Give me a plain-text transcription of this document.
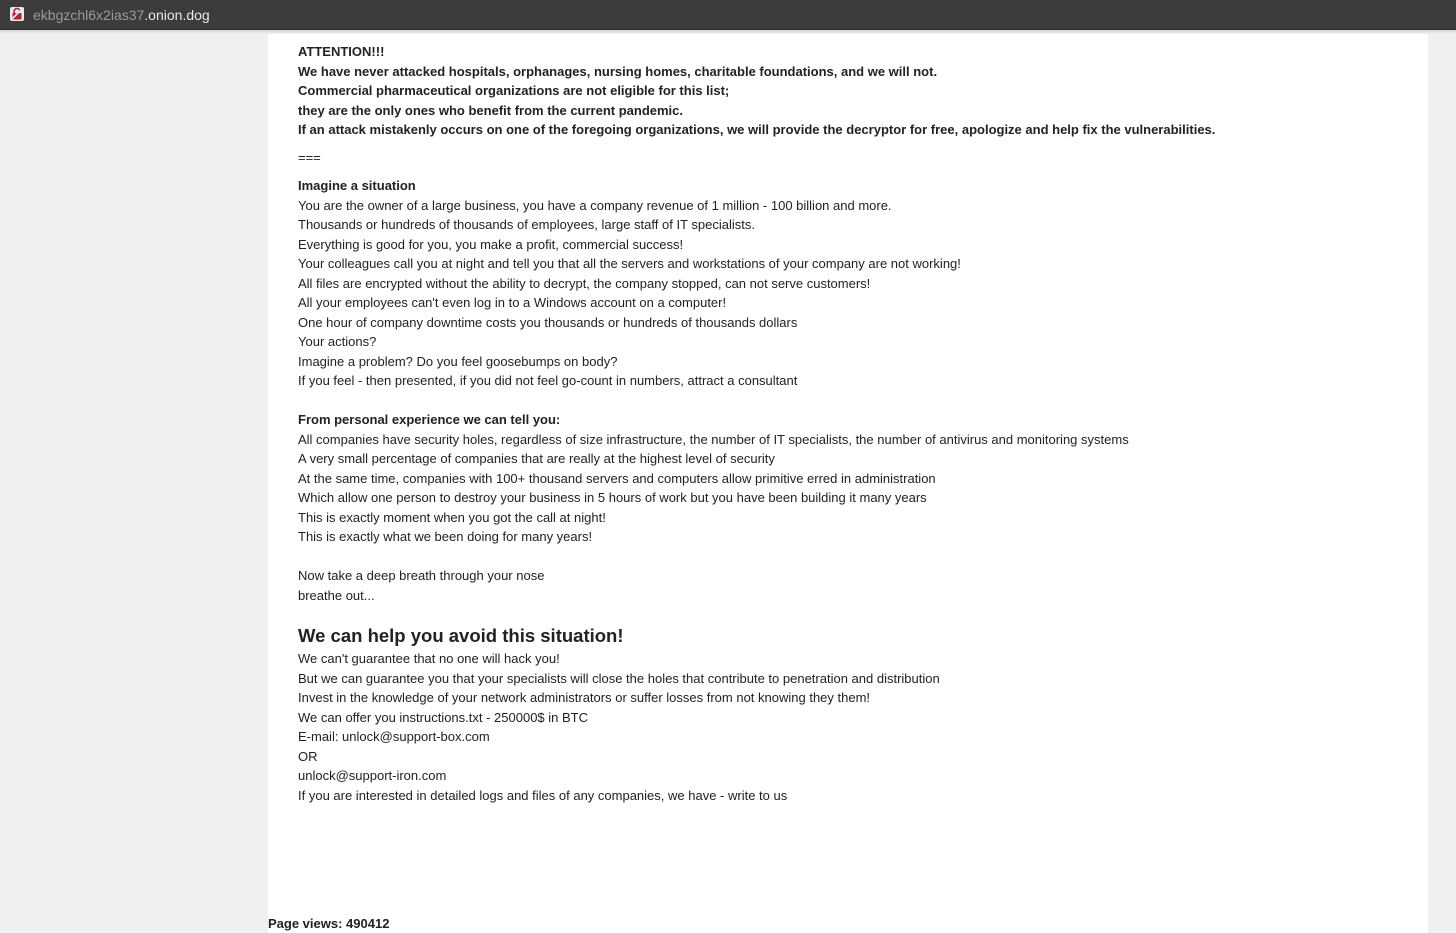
ekbgzchl6x2ias37.onion.dog
ATTENTION!!!
We have never attacked hospitals, orphanages, nursing homes, charitable foundations, and we will not.
Commercial pharmaceutical organizations are not eligible for this list;
they are the only ones who benefit from the current pandemic.
If an attack mistakenly occurs on one of the foregoing organizations, we will provide the decryptor for free, apologize and help fix the vulnerabilities.
===
Imagine a situation
You are the owner of a large business, you have a company revenue of 1 million - 100 billion and more.
Thousands or hundreds of thousands of employees, large staff of IT specialists.
Everything is good for you, you make a profit, commercial success!
Your colleagues call you at night and tell you that all the servers and workstations of your company are not working!
All files are encrypted without the ability to decrypt, the company stopped, can not serve customers!
All your employees can't even log in to a Windows account on a computer!
One hour of company downtime costs you thousands or hundreds of thousands dollars
Your actions?
Imagine a problem? Do you feel goosebumps on body?
If you feel - then presented, if you did not feel go-count in numbers, attract a consultant
From personal experience we can tell you:
All companies have security holes, regardless of size infrastructure, the number of IT specialists, the number of antivirus and monitoring systems
A very small percentage of companies that are really at the highest level of security
At the same time, companies with 100+ thousand servers and computers allow primitive erred in administration
Which allow one person to destroy your business in 5 hours of work but you have been building it many years
This is exactly moment when you got the call at night!
This is exactly what we been doing for many years!
Now take a deep breath through your nose
breathe out...
We can help you avoid this situation!
We can't guarantee that no one will hack you!
But we can guarantee you that your specialists will close the holes that contribute to penetration and distribution
Invest in the knowledge of your network administrators or suffer losses from not knowing they them!
We can offer you instructions.txt - 250000$ in BTC
E-mail: unlock@support-box.com
OR
unlock@support-iron.com
If you are interested in detailed logs and files of any companies, we have - write to us
Page views: 490412
